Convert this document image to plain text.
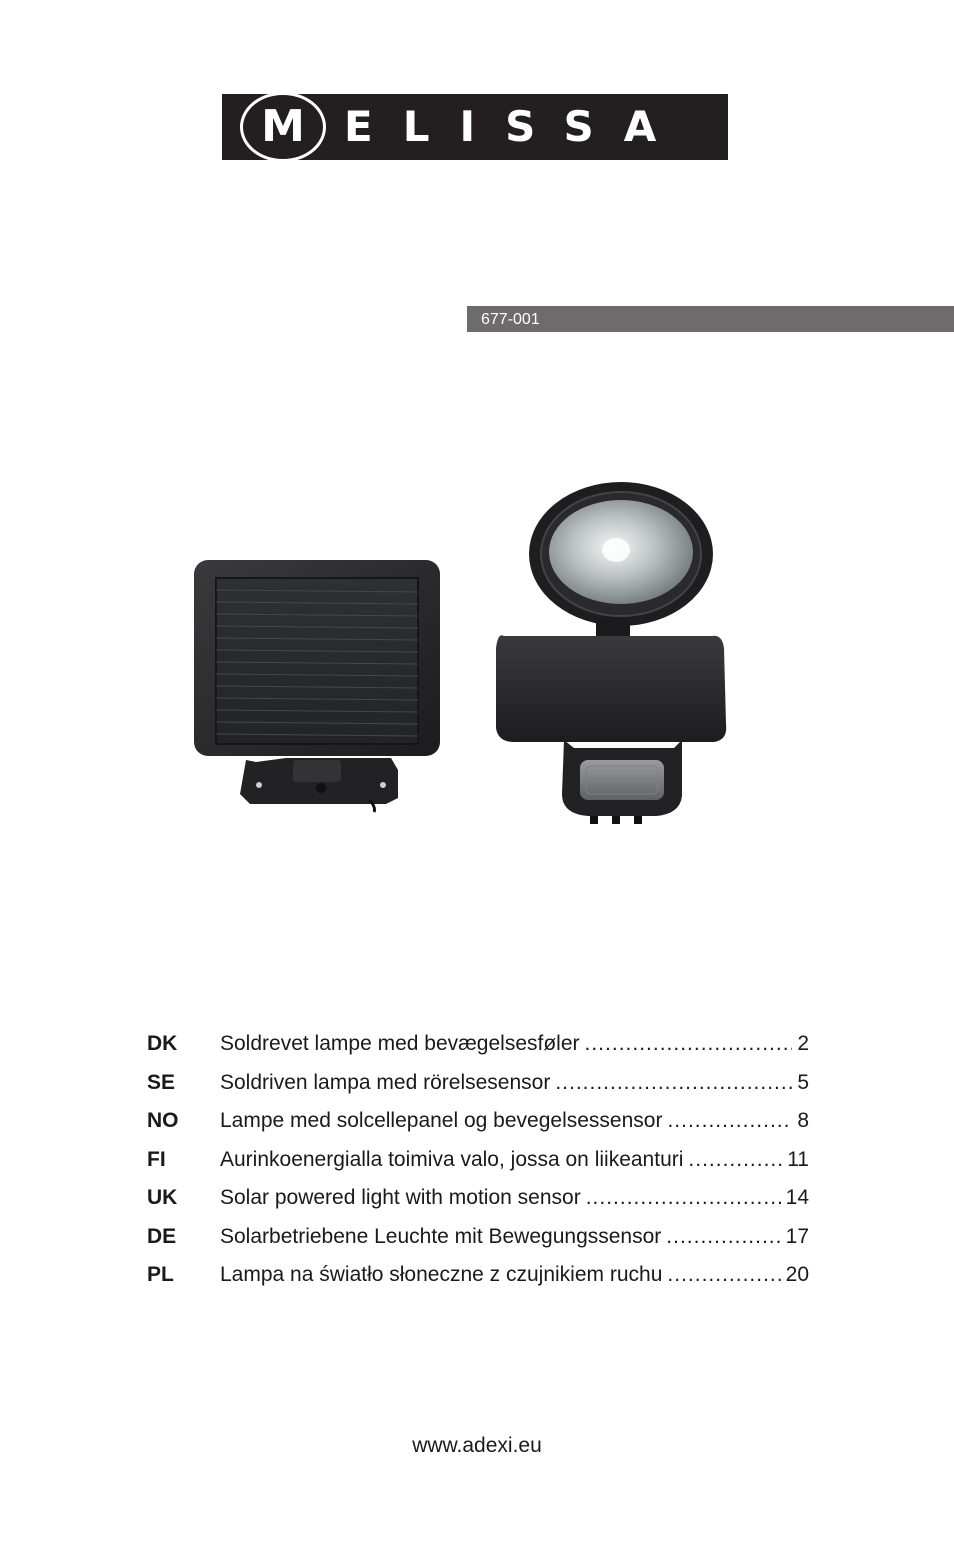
M ELISSA
677-001
DK	Soldrevet lampe med bevægelsesføler .....	2
SE	Soldriven lampa med rörelsesensor .....	5
NO	Lampe med solcellepanel og bevegelsessensor .....	8
FI	Aurinkoenergialla toimiva valo, jossa on liikeanturi .....	11
UK	Solar powered light with motion sensor .....	14
DE	Solarbetriebene Leuchte mit Bewegungssensor .....	17
PL	Lampa na światło słoneczne z czujnikiem ruchu .....	20
www.adexi.eu
